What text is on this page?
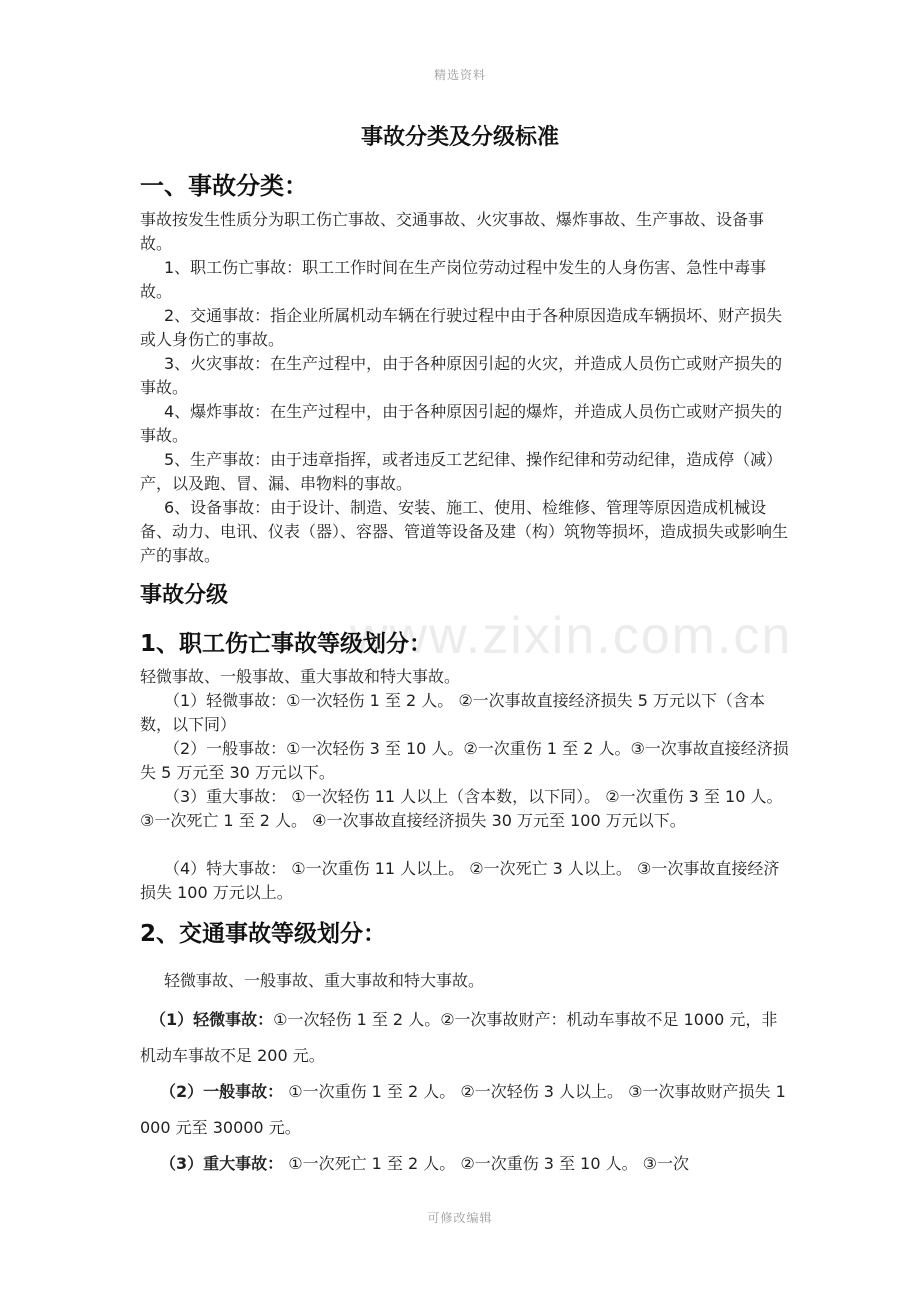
精选资料
www.zixin.com.cn
事故分类及分级标准
一、事故分类：
事故按发生性质分为职工伤亡事故、交通事故、火灾事故、爆炸事故、生产事故、设备事故。
1、职工伤亡事故：职工工作时间在生产岗位劳动过程中发生的人身伤害、急性中毒事故。
2、交通事故：指企业所属机动车辆在行驶过程中由于各种原因造成车辆损坏、财产损失或人身伤亡的事故。
3、火灾事故：在生产过程中，由于各种原因引起的火灾，并造成人员伤亡或财产损失的事故。
4、爆炸事故：在生产过程中，由于各种原因引起的爆炸，并造成人员伤亡或财产损失的事故。
5、生产事故：由于违章指挥，或者违反工艺纪律、操作纪律和劳动纪律，造成停（减）产，以及跑、冒、漏、串物料的事故。
6、设备事故：由于设计、制造、安装、施工、使用、检维修、管理等原因造成机械设备、动力、电讯、仪表（器）、容器、管道等设备及建（构）筑物等损坏，造成损失或影响生产的事故。
事故分级
1、职工伤亡事故等级划分：
轻微事故、一般事故、重大事故和特大事故。
（1）轻微事故：①一次轻伤 1 至 2 人。 ②一次事故直接经济损失 5 万元以下（含本数，以下同）
（2）一般事故：①一次轻伤 3 至 10 人。②一次重伤 1 至 2 人。③一次事故直接经济损失 5 万元至 30 万元以下。
（3）重大事故： ①一次轻伤 11 人以上（含本数，以下同）。 ②一次重伤 3 至 10 人。 ③一次死亡 1 至 2 人。 ④一次事故直接经济损失 30 万元至 100 万元以下。
（4）特大事故： ①一次重伤 11 人以上。 ②一次死亡 3 人以上。 ③一次事故直接经济损失 100 万元以上。
2、交通事故等级划分：
轻微事故、一般事故、重大事故和特大事故。
（1）轻微事故：①一次轻伤 1 至 2 人。②一次事故财产：机动车事故不足 1000 元，非机动车事故不足 200 元。
（2）一般事故： ①一次重伤 1 至 2 人。 ②一次轻伤 3 人以上。 ③一次事故财产损失 1000 元至 30000 元。
（3）重大事故： ①一次死亡 1 至 2 人。 ②一次重伤 3 至 10 人。 ③一次
可修改编辑
